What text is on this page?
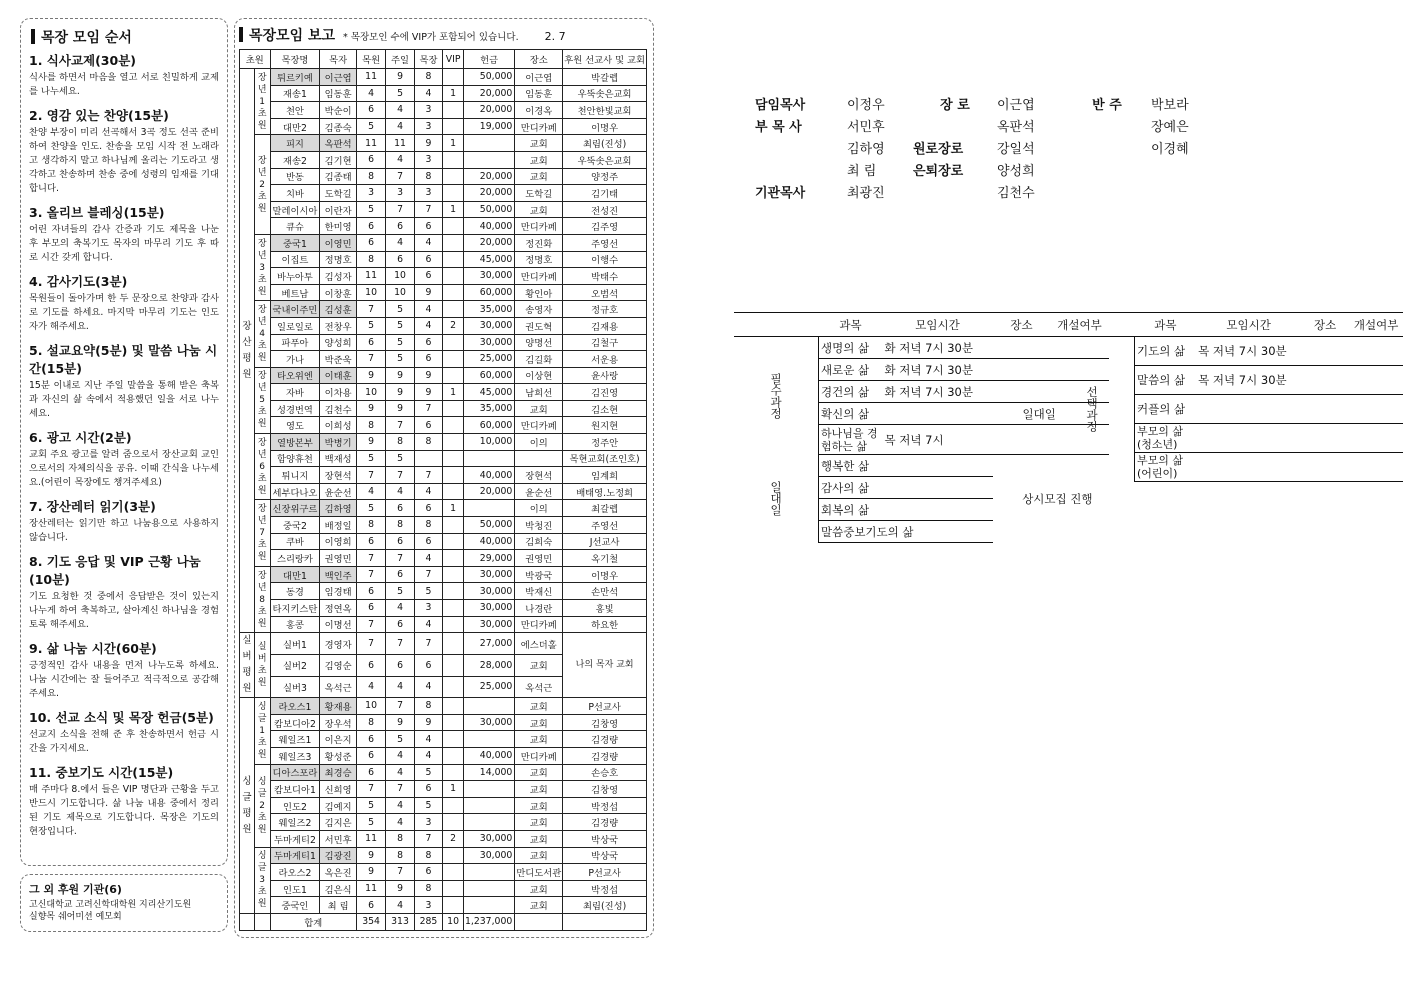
목장 모임 순서
1. 식사교제(30분)

식사를 하면서 마음을 열고 서로 친밀하게 교제를 나누세요.

2. 영감 있는 찬양(15분)

찬양 부장이 미리 선곡해서 3곡 정도 선곡 준비하여 찬양을 인도. 찬송을 모임 시작 전 노래라고 생각하지 말고 하나님께 올리는 기도라고 생각하고 찬송하며 찬송 중에 성령의 임재를 기대합니다.

3. 올리브 블레싱(15분)

어린 자녀들의 감사 간증과 기도 제목을 나눈 후 부모의 축복기도 목자의 마무리 기도 후 따로 시간 갖게 합니다.

4. 감사기도(3분)

목원들이 돌아가며 한 두 문장으로 찬양과 감사로 기도를 하세요. 마지막 마무리 기도는 인도자가 해주세요.

5. 설교요약(5분) 및 말씀 나눔 시간(15분)

15분 이내로 지난 주일 말씀을 통해 받은 축복과 자신의 삶 속에서 적용했던 일을 서로 나누세요.

6. 광고 시간(2분)

교회 주요 광고를 알려 줌으로서 장산교회 교인으로서의 자체의식을 공유. 이때 간식을 나누세요.(어린이 목장에도 챙겨주세요)

7. 장산레터 읽기(3분)

장산레터는 읽기만 하고 나눔용으로 사용하지 않습니다.

8. 기도 응답 및 VIP 근황 나눔(10분)

기도 요청한 것 중에서 응답받은 것이 있는지 나누게 하여 축복하고, 살아계신 하나님을 경험토록 해주세요.

9. 삶 나눔 시간(60분)

긍정적인 감사 내용을 먼저 나누도록 하세요. 나눔 시간에는 잘 들어주고 적극적으로 공감해 주세요.

10. 선교 소식 및 목장 헌금(5분)

선교지 소식을 전해 준 후 찬송하면서 헌금 시간을 가지세요.

11. 중보기도 시간(15분)

매 주마다 8.에서 들은 VIP 명단과 근황을 두고 반드시 기도합니다. 삶 나눔 내용 중에서 정리된 기도 제목으로 기도합니다. 목장은 기도의 현장입니다.

그 외 후원 기관(6)
고신대학교 고려신학대학원 지리산기도원
실향목 쉐어미션 예모회
목장모임 보고 * 목장모인 수에 VIP가 포함되어 있습니다. 2. 7
초원		목장명	목자	목원	주일	목장	VIP	헌금	장소	후원 선교사 및 교회
장산평원	장년1초원	튀르키예	이근엽	11	9	8		50,000	이근엽	박갈렙
		재송1	임동훈	4	5	4	1	20,000	임동훈	우뚝솟은교회
		천안	박순이	6	4	3		20,000	이경옥	천안한빛교회
		대만2	김종숙	5	4	3		19,000	만디카페	이명우
	장년2초원	피지	옥판석	11	11	9	1		교회	최림(진성)
		재송2	김기현	6	4	3			교회	우뚝솟은교회
		반동	김종태	8	7	8		20,000	교회	양정주
		치바	도학길	3	3	3		20,000	도학길	김기태
		말레이시아	이란자	5	7	7	1	50,000	교회	전성진
		큐슈	한미영	6	6	6		40,000	만디카페	김주영
	장년3초원	중국1	이영민	6	4	4		20,000	정진화	주영선
		이집트	정명호	8	6	6		45,000	정명호	이행수
		바누아투	김성자	11	10	6		30,000	만디카페	박태수
		베트남	이창훈	10	10	9		60,000	황인아	오범석
	장년4초원	국내이주민	김성훈	7	5	4		35,000	송영자	정규호
		일로일로	전창우	5	5	4	2	30,000	권도혁	김재용
		파푸아	양성희	6	5	6		30,000	양명선	김철구
		가나	박준욱	7	5	6		25,000	김길화	서운용
	장년5초원	타오위엔	이태훈	9	9	9		60,000	이상현	윤사랑
		자바	이차용	10	9	9	1	45,000	남희선	김진영
		성경번역	김천수	9	9	7		35,000	교회	김소현
		영도	이희성	8	7	6		60,000	만디카페	원지현
	장년6초원	열방본부	박병기	9	8	8		10,000	이의	정주안
		함양휴천	백재성	5	5					목현교회(조인호)
		튀니지	장현석	7	7	7		40,000	장현석	임계희
		세부다나오	윤순선	4	4	4		20,000	윤순선	배태영.노정희
	장년7초원	신장위구르	김하영	5	6	6	1		이의	최갈렙
		중국2	배정일	8	8	8		50,000	박청진	주영선
		쿠바	이영희	6	6	6		40,000	김희숙	J선교사
		스리랑카	권영민	7	7	4		29,000	권영민	옥기철
	장년8초원	대만1	백인주	7	6	7		30,000	박광국	이명우
		동경	임경태	6	5	5		30,000	박재신	손만석
		타지키스탄	정연옥	6	4	3		30,000	나경란	홍빛
		홍콩	이명선	7	6	4		30,000	만디카페	하요한
실버평원	실버초원	실버1	경영자	7	7	7		27,000	에스더홀	나의 목자 교회
		실버2	김영순	6	6	6		28,000	교회	
		실버3	옥석근	4	4	4		25,000	옥석근	
싱글평원	싱글1초원	라오스1	황재용	10	7	8			교회	P선교사
		캄보디아2	장우석	8	9	9		30,000	교회	김창영
		웨일즈1	이은지	6	5	4			교회	김경량
		웨일즈3	황성준	6	4	4		40,000	만디카페	김경량
	싱글2초원	디아스포라	최경승	6	4	5		14,000	교회	손승호
		캄보디아1	신희영	7	7	6	1		교회	김창영
		인도2	김예지	5	4	5			교회	박정섭
		웨일즈2	김지은	5	4	3			교회	김경량
		두마게티2	서민후	11	8	7	2	30,000	교회	박상국
	싱글3초원	두마게티1	김광진	9	8	8		30,000	교회	박상국
		라오스2	옥은진	9	7	6			만디도서관	P선교사
		인도1	김은식	11	9	8			교회	박정섭
		중국인	최 림	6	4	3			교회	최림(진성)
		합계		354	313	285	10	1,237,000		
담임목사	이정우	장 로	이근엽	반 주	박보라
부 목 사	서민후		옥판석		장예은
	김하영	원로장로	강일석		이경혜
	최 림	은퇴장로	양성희		
기관목사	최광진		김천수		
	과목	모임시간	장소	개설여부
필수과정	생명의 삶	화 저녁 7시 30분		
	새로운 삶	화 저녁 7시 30분		
	경건의 삶	화 저녁 7시 30분		
	확신의 삶		일대일	
	하나님을 경험하는 삶	목 저녁 7시		
일대일	행복한 삶		상시모집 진행	
	감사의 삶			
	회복의 삶			
	말씀중보기도의 삶			
	과목	모임시간	장소	개설여부
선택과정	기도의 삶	목 저녁 7시 30분		
	말씀의 삶	목 저녁 7시 30분		
	커플의 삶			
	부모의 삶 (청소년)			
	부모의 삶 (어린이)			
